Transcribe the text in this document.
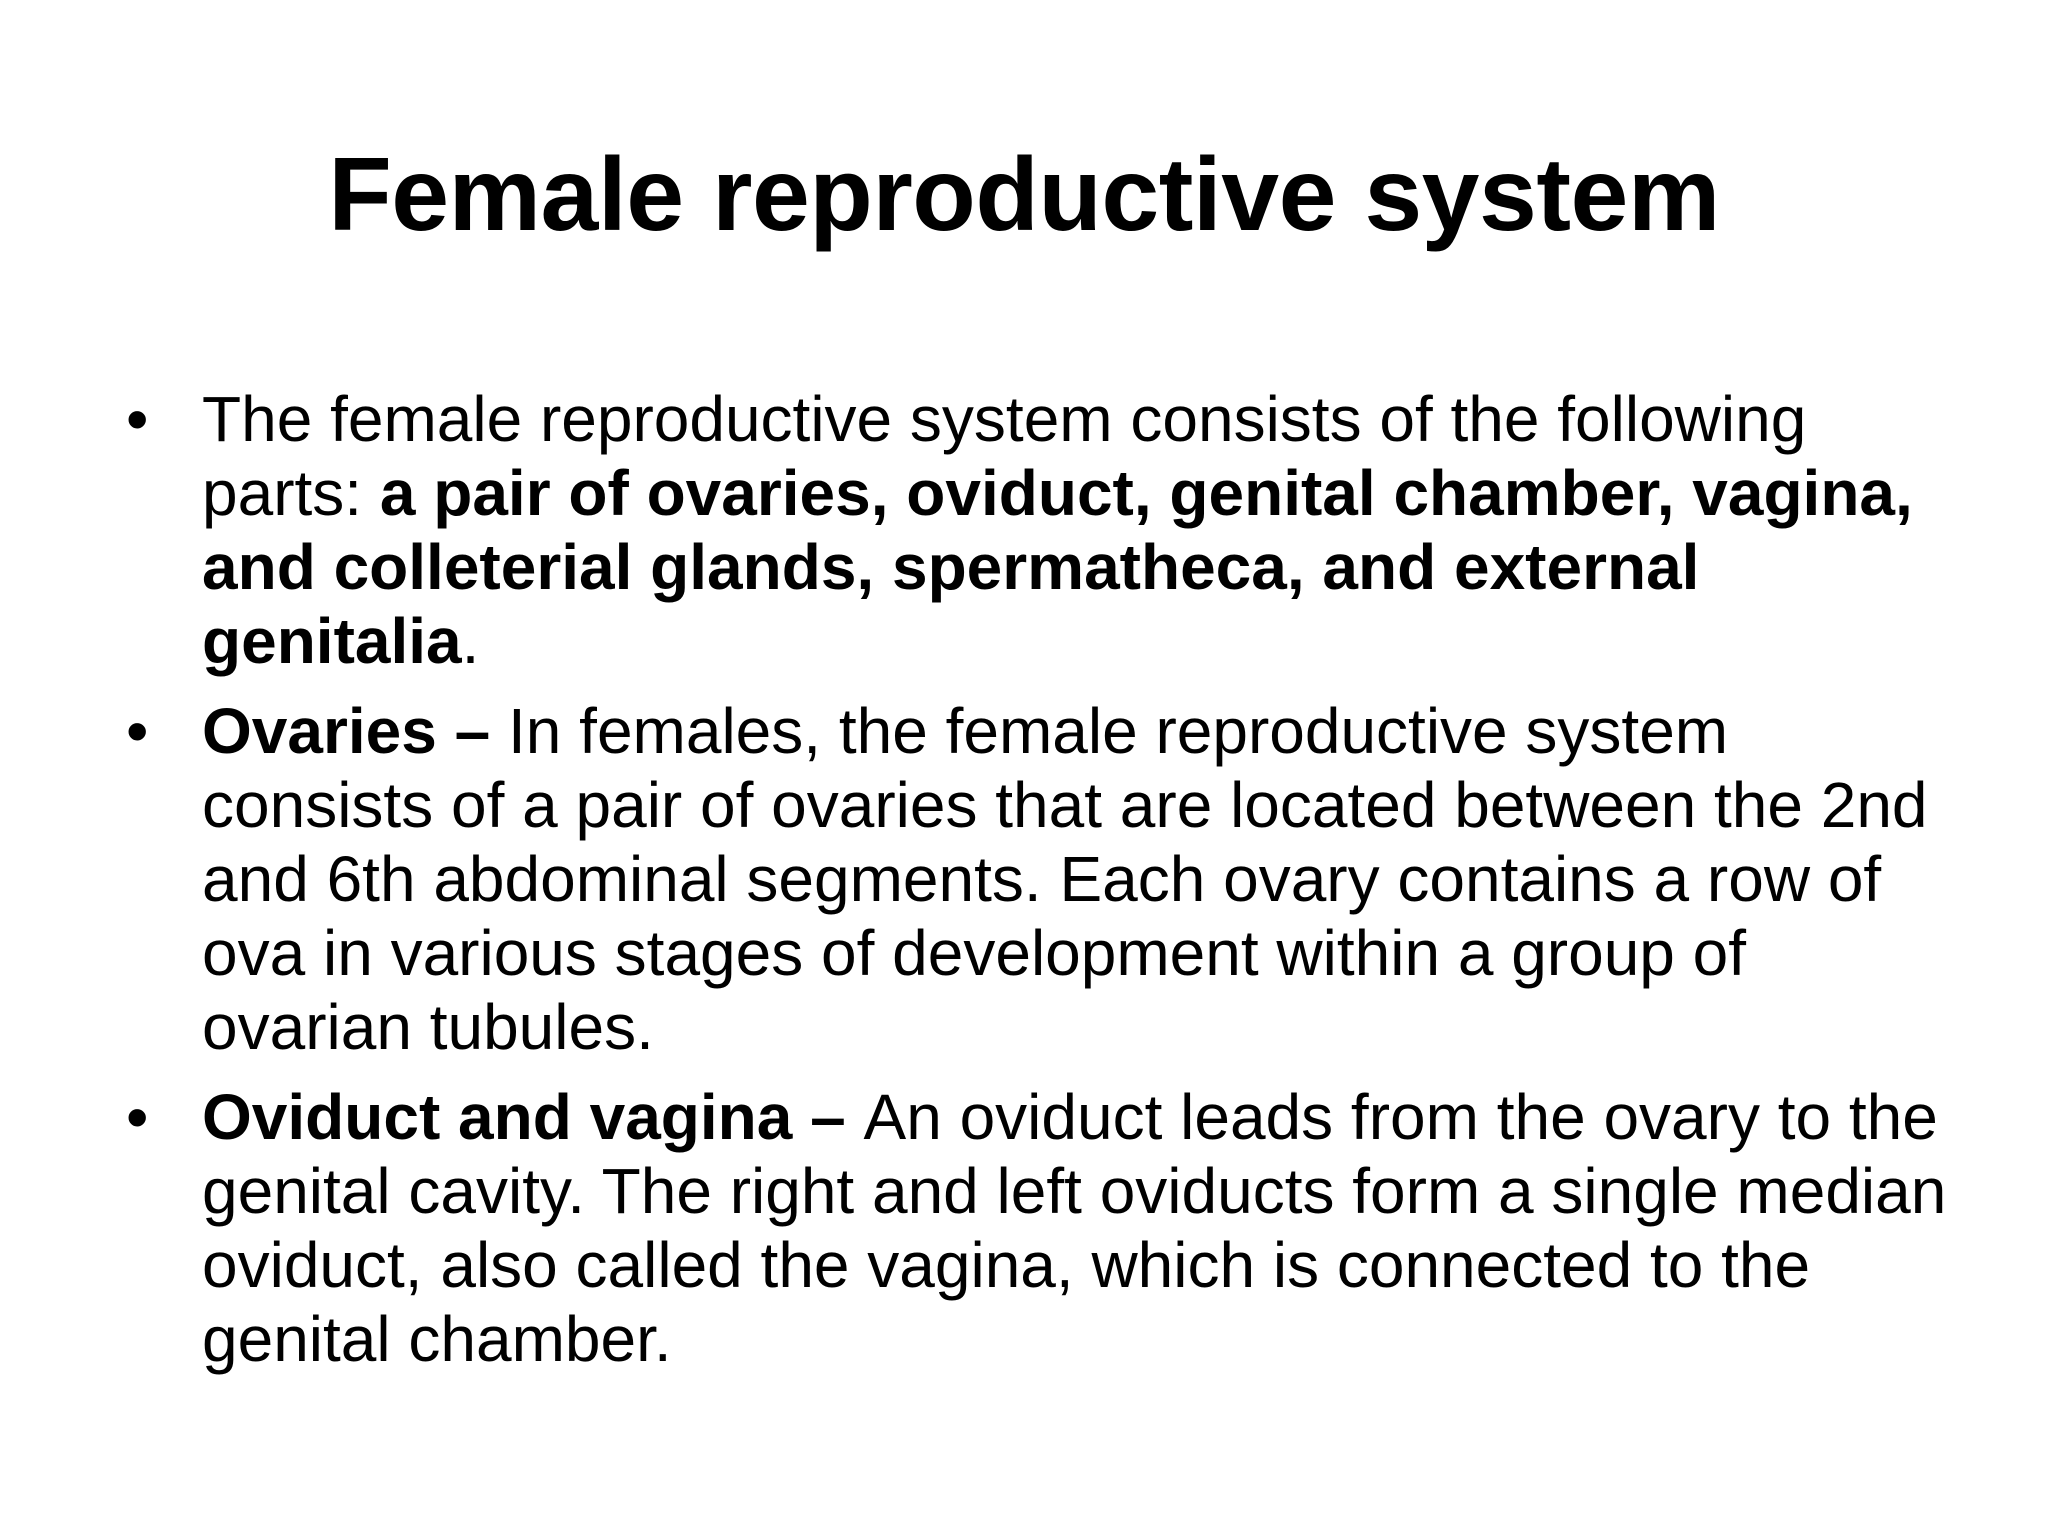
Female reproductive system
• The female reproductive system consists of the following parts: a pair of ovaries, oviduct, genital chamber, vagina, and colleterial glands, spermatheca, and external genitalia.
• Ovaries – In females, the female reproductive system consists of a pair of ovaries that are located between the 2nd and 6th abdominal segments. Each ovary contains a row of ova in various stages of development within a group of ovarian tubules.
• Oviduct and vagina – An oviduct leads from the ovary to the genital cavity. The right and left oviducts form a single median oviduct, also called the vagina, which is connected to the genital chamber.
